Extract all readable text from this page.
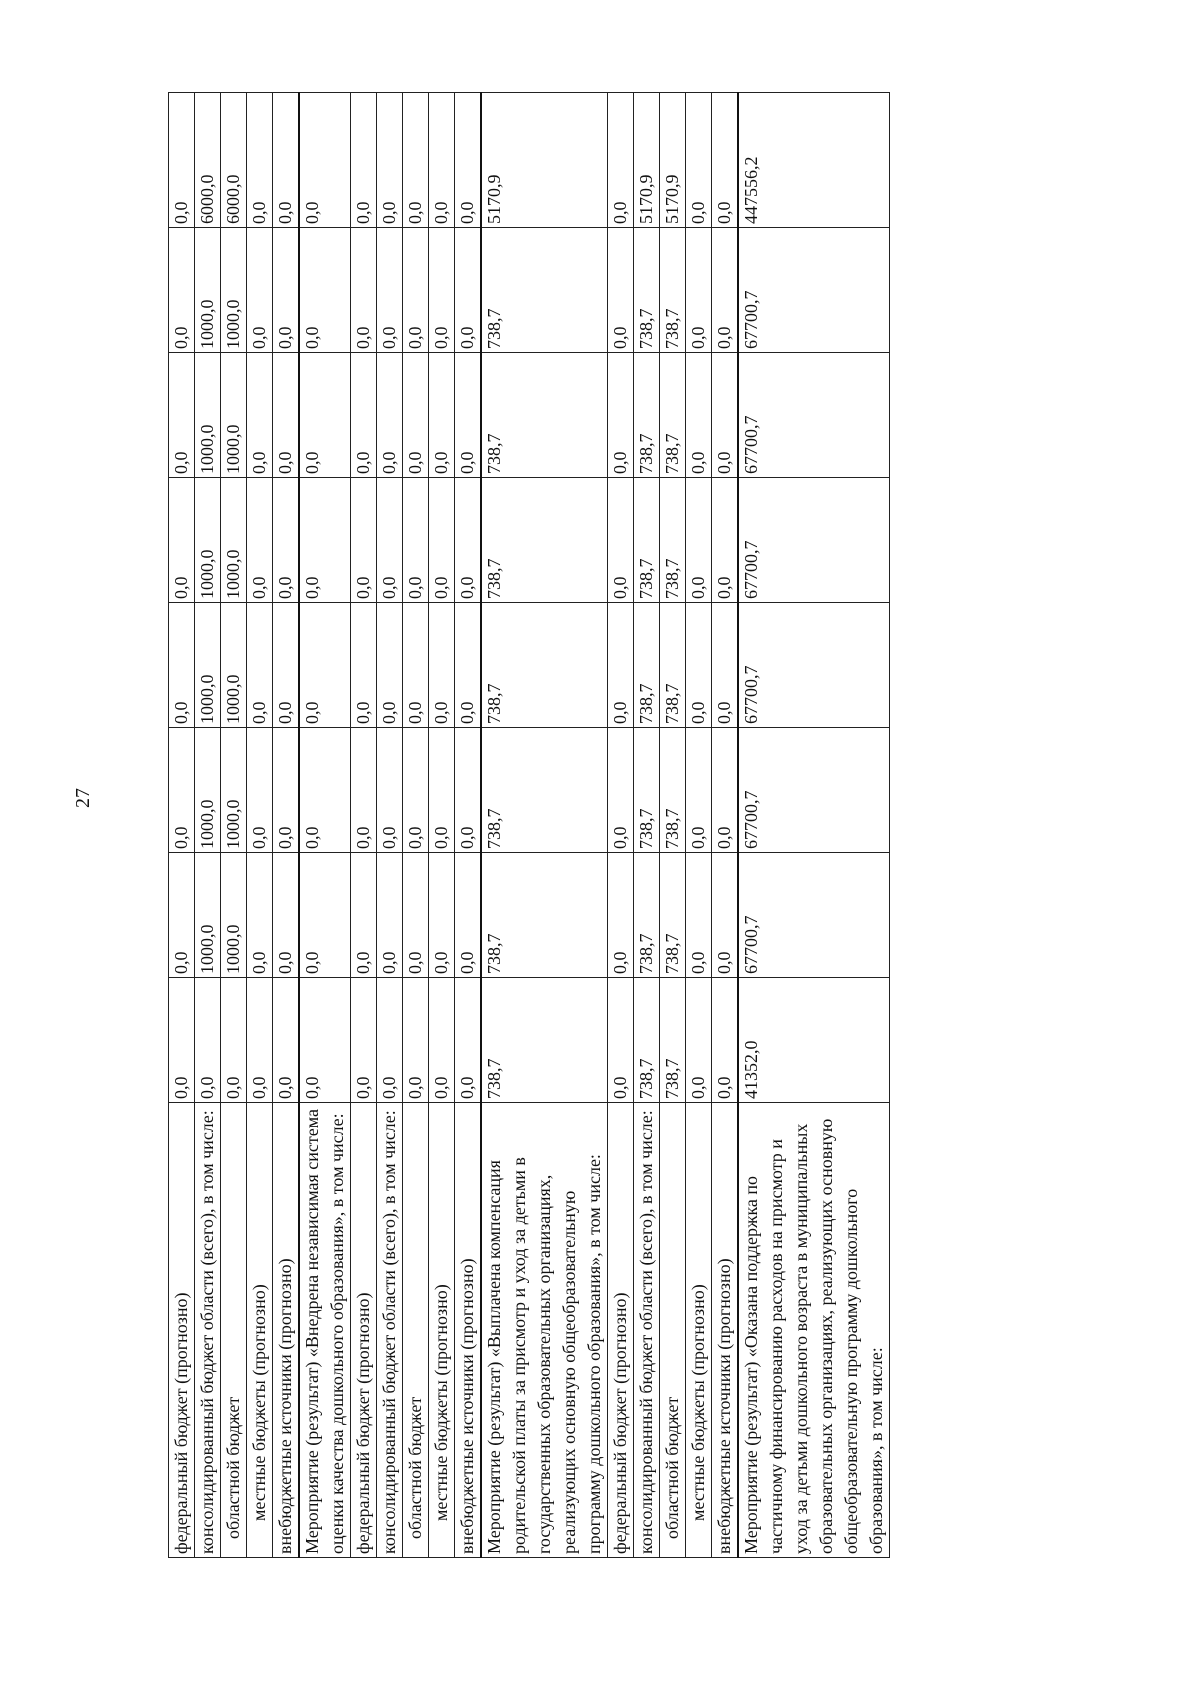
27
федеральный бюджет (прогнозно)	0,0	0,0	0,0	0,0	0,0	0,0	0,0	0,0
консолидированный бюджет области (всего), в том числе:	0,0	1000,0	1000,0	1000,0	1000,0	1000,0	1000,0	6000,0
областной бюджет	0,0	1000,0	1000,0	1000,0	1000,0	1000,0	1000,0	6000,0
местные бюджеты (прогнозно)	0,0	0,0	0,0	0,0	0,0	0,0	0,0	0,0
внебюджетные источники (прогнозно)	0,0	0,0	0,0	0,0	0,0	0,0	0,0	0,0
Мероприятие (результат) «Внедрена независимая система оценки качества дошкольного образования», в том числе:	0,0	0,0	0,0	0,0	0,0	0,0	0,0	0,0
федеральный бюджет (прогнозно)	0,0	0,0	0,0	0,0	0,0	0,0	0,0	0,0
консолидированный бюджет области (всего), в том числе:	0,0	0,0	0,0	0,0	0,0	0,0	0,0	0,0
областной бюджет	0,0	0,0	0,0	0,0	0,0	0,0	0,0	0,0
местные бюджеты (прогнозно)	0,0	0,0	0,0	0,0	0,0	0,0	0,0	0,0
внебюджетные источники (прогнозно)	0,0	0,0	0,0	0,0	0,0	0,0	0,0	0,0
Мероприятие (результат) «Выплачена компенсация родительской платы за присмотр и уход за детьми в государственных образовательных организациях, реализующих основную общеобразовательную программу дошкольного образования», в том числе:	738,7	738,7	738,7	738,7	738,7	738,7	738,7	5170,9
федеральный бюджет (прогнозно)	0,0	0,0	0,0	0,0	0,0	0,0	0,0	0,0
консолидированный бюджет области (всего), в том числе:	738,7	738,7	738,7	738,7	738,7	738,7	738,7	5170,9
областной бюджет	738,7	738,7	738,7	738,7	738,7	738,7	738,7	5170,9
местные бюджеты (прогнозно)	0,0	0,0	0,0	0,0	0,0	0,0	0,0	0,0
внебюджетные источники (прогнозно)	0,0	0,0	0,0	0,0	0,0	0,0	0,0	0,0
Мероприятие (результат) «Оказана поддержка по частичному финансированию расходов на присмотр и уход за детьми дошкольного возраста в муниципальных образовательных организациях, реализующих основную общеобразовательную программу дошкольного образования», в том числе:	41352,0	67700,7	67700,7	67700,7	67700,7	67700,7	67700,7	447556,2
